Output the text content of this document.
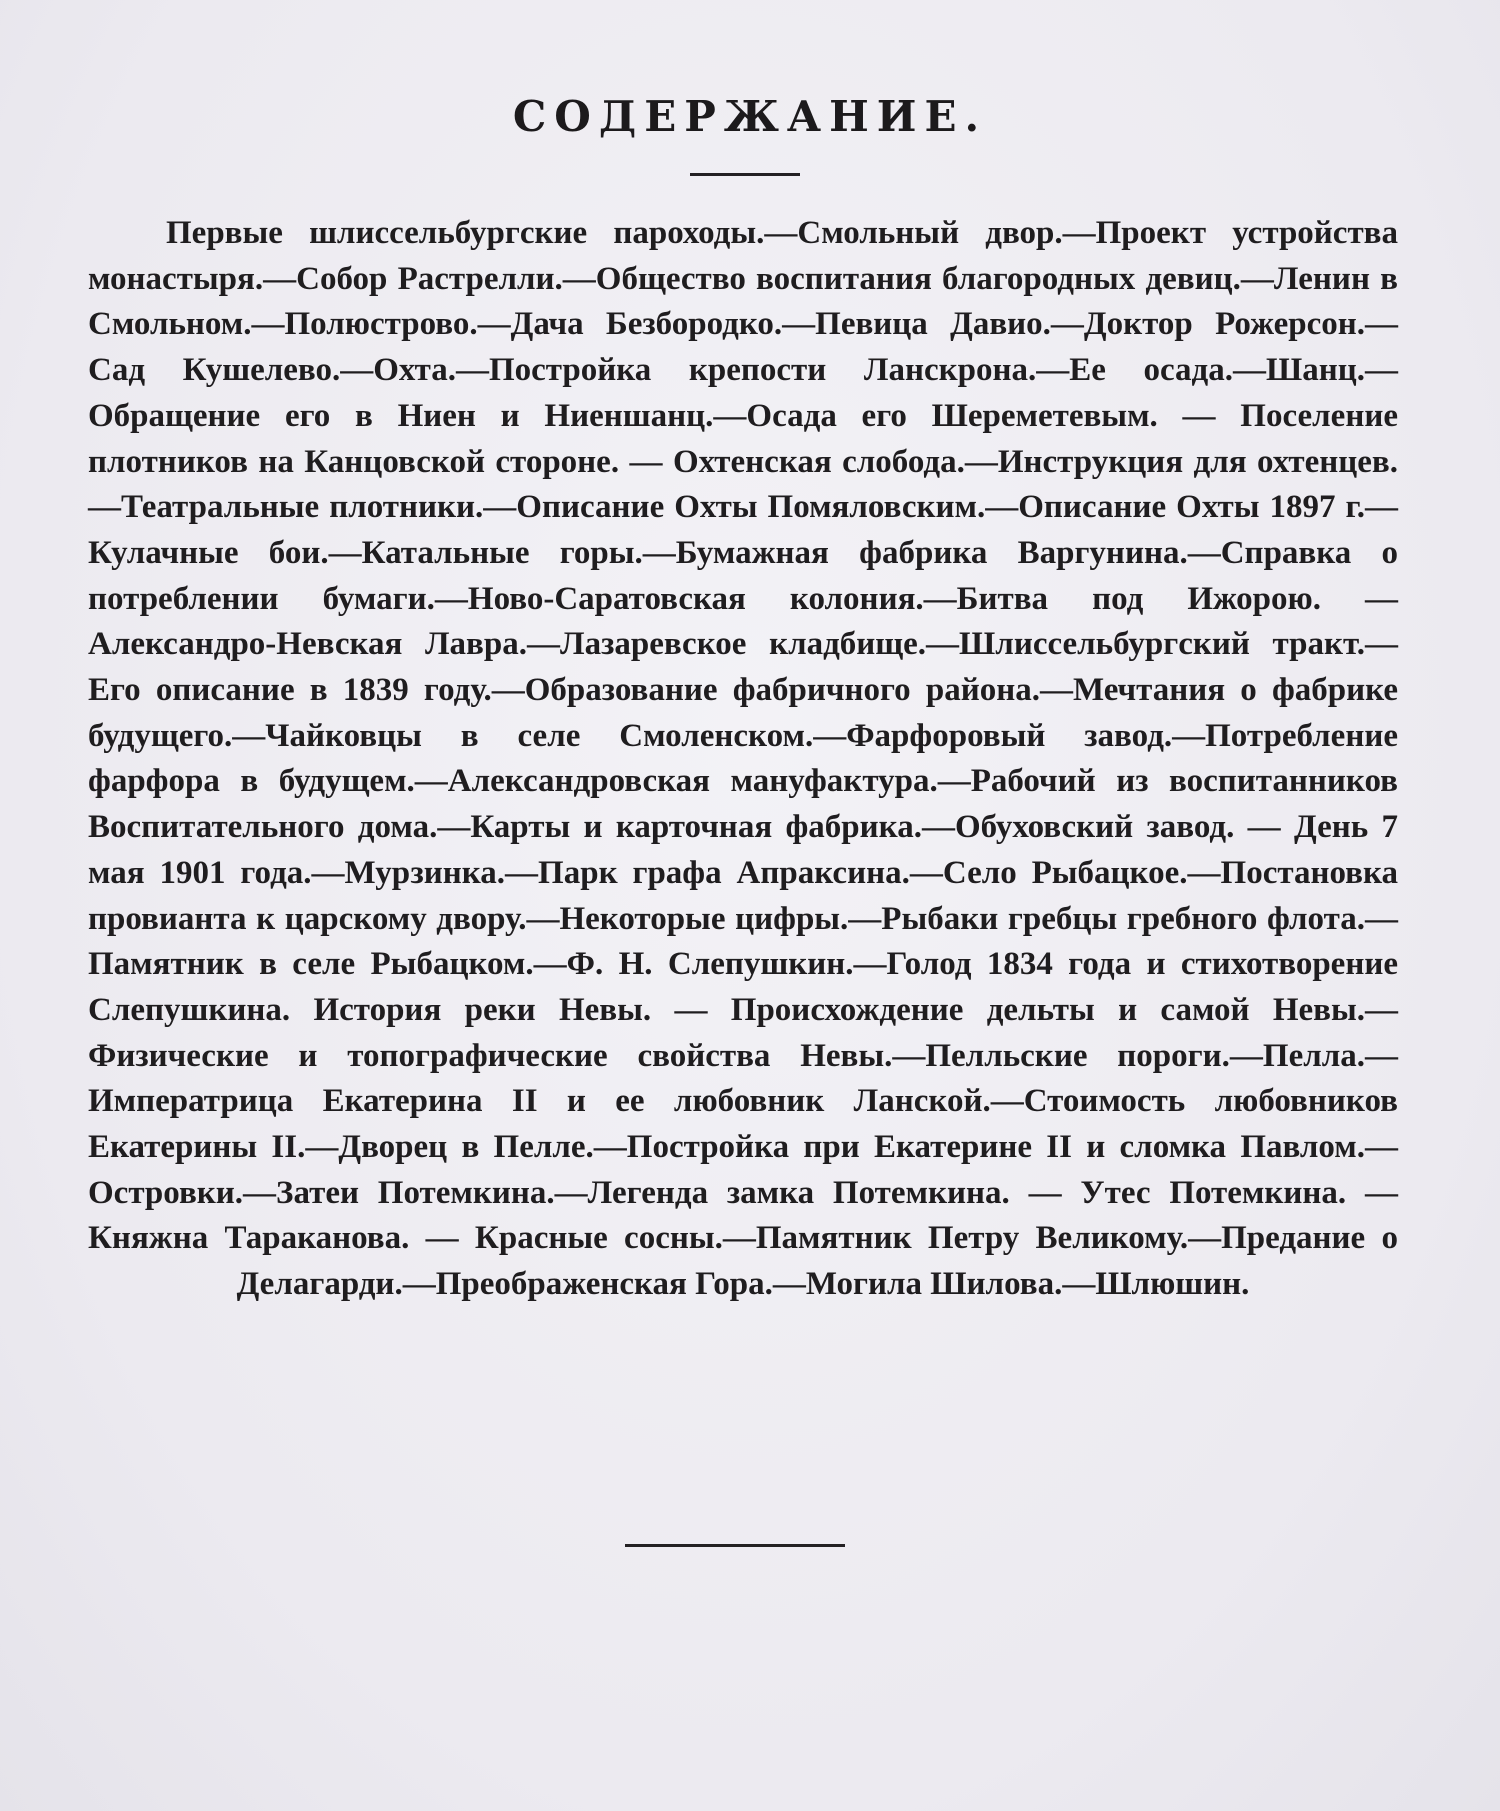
СОДЕРЖАНИЕ.

Первые шлиссельбургские пароходы.—Смольный двор.—Проект устройства монастыря.—Собор Растрелли.—Общество воспитания благородных девиц.—Ленин в Смольном.—Полюстрово.—Дача Безбородко.—Певица Давио.—Доктор Рожерсон.—Сад Кушелево.—Охта.—Постройка крепости Ланскрона.—Ее осада.—Шанц.—Обращение его в Ниен и Ниеншанц.—Осада его Шереметевым. — Поселение плотников на Канцовской стороне. — Охтенская слобода.—Инструкция для охтенцев.—Театральные плотники.—Описание Охты Помяловским.—Описание Охты 1897 г.—Кулачные бои.—Катальные горы.—Бумажная фабрика Варгунина.—Справка о потреблении бумаги.—Ново-Саратовская колония.—Битва под Ижорою. — Александро-Невская Лавра.—Лазаревское кладбище.—Шлиссельбургский тракт.—Его описание в 1839 году.—Образование фабричного района.—Мечтания о фабрике будущего.—Чайковцы в селе Смоленском.—Фарфоровый завод.—Потребление фарфора в будущем.—Александровская мануфактура.—Рабочий из воспитанников Воспитательного дома.—Карты и карточная фабрика.—Обуховский завод. — День 7 мая 1901 года.—Мурзинка.—Парк графа Апраксина.—Село Рыбацкое.—Постановка провианта к царскому двору.—Некоторые цифры.—Рыбаки гребцы гребного флота.—Памятник в селе Рыбацком.—Ф. Н. Слепушкин.—Голод 1834 года и стихотворение Слепушкина. История реки Невы. — Происхождение дельты и самой Невы.—Физические и топографические свойства Невы.—Пелльские пороги.—Пелла.—Императрица Екатерина II и ее любовник Ланской.—Стоимость любовников Екатерины II.—Дворец в Пелле.—Постройка при Екатерине II и сломка Павлом.—Островки.—Затеи Потемкина.—Легенда замка Потемкина. — Утес Потемкина. — Княжна Тараканова. — Красные сосны.—Памятник Петру Великому.—Предание о Делагарди.—Преображенская Гора.—Могила Шилова.—Шлюшин.
